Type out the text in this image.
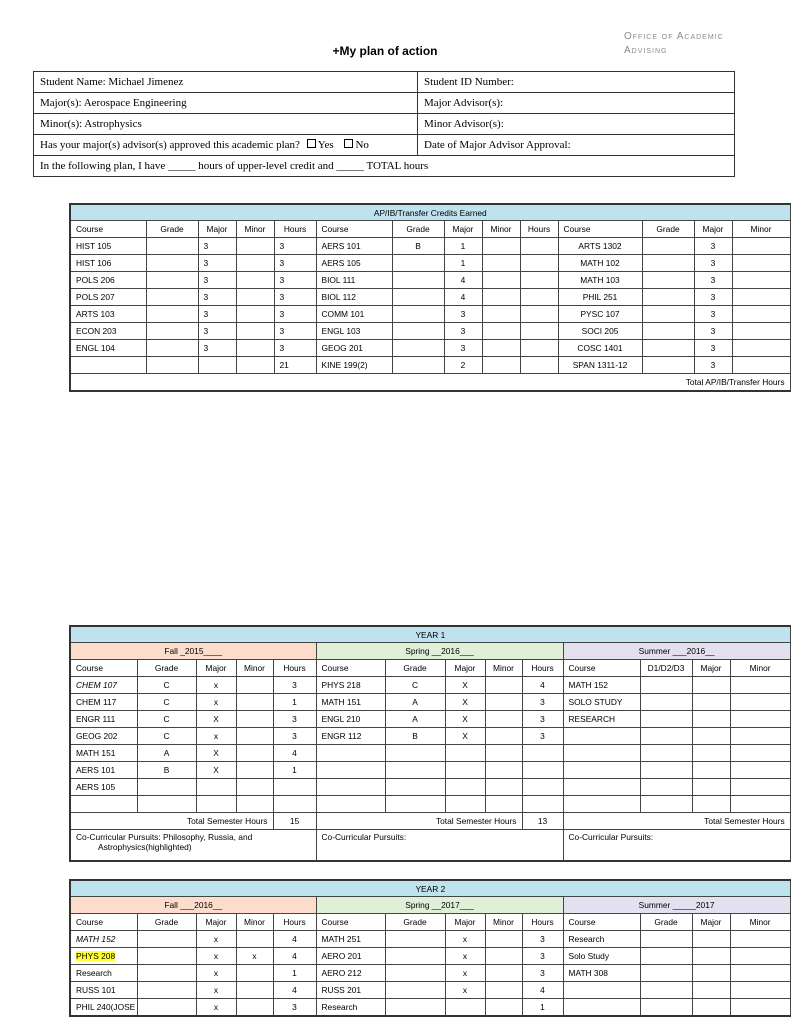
Office of Academic
Advising
+My plan of action
Student Name: Michael Jimenez	Student ID Number:
Major(s): Aerospace Engineering	Major Advisor(s):
Minor(s): Astrophysics	Minor Advisor(s):
Has your major(s) advisor(s) approved this academic plan? Yes No	Date of Major Advisor Approval:
In the following plan, I have _____ hours of upper-level credit and _____ TOTAL hours	
AP/IB/Transfer Credits Earned													
Course	Grade	Major	Minor	Hours	Course	Grade	Major	Minor	Hours	Course	Grade	Major	Minor
HIST 105		3		3	AERS 101	B	1			ARTS 1302		3	
HIST 106		3		3	AERS 105		1			MATH 102		3	
POLS 206		3		3	BIOL 111		4			MATH 103		3	
POLS 207		3		3	BIOL 112		4			PHIL 251		3	
ARTS 103		3		3	COMM 101		3			PYSC 107		3	
ECON 203		3		3	ENGL 103		3			SOCI 205		3	
ENGL 104		3		3	GEOG 201		3			COSC 1401		3	
				21	KINE 199(2)		2			SPAN 1311-12		3	
Total AP/IB/Transfer Hours													
YEAR 1													
Fall _2015____					Spring __2016___					Summer ___2016__			
Course	Grade	Major	Minor	Hours	Course	Grade	Major	Minor	Hours	Course	D1/D2/D3	Major	Minor
CHEM 107	C	x		3	PHYS 218	C	X		4	MATH 152			
CHEM 117	C	x		1	MATH 151	A	X		3	SOLO STUDY			
ENGR 111	C	X		3	ENGL 210	A	X		3	RESEARCH			
GEOG 202	C	x		3	ENGR 112	B	X		3				
MATH 151	A	X		4									
AERS 101	B	X		1									
AERS 105													

Total Semester Hours				15	Total Semester Hours				13	Total Semester Hours			
Co-Curricular Pursuits: Philosophy, Russia, and
Astrophysics(highlighted)					Co-Curricular Pursuits:					Co-Curricular Pursuits:			
YEAR 2													
Fall ___2016__					Spring __2017___					Summer _____2017			
Course	Grade	Major	Minor	Hours	Course	Grade	Major	Minor	Hours	Course	Grade	Major	Minor
MATH 152		x		4	MATH 251		x		3	Research			
PHYS 208		x	x	4	AERO 201		x		3	Solo Study			
Research		x		1	AERO 212		x		3	MATH 308			
RUSS 101		x		4	RUSS 201		x		4				
PHIL 240(JOSE		x		3	Research				1				
